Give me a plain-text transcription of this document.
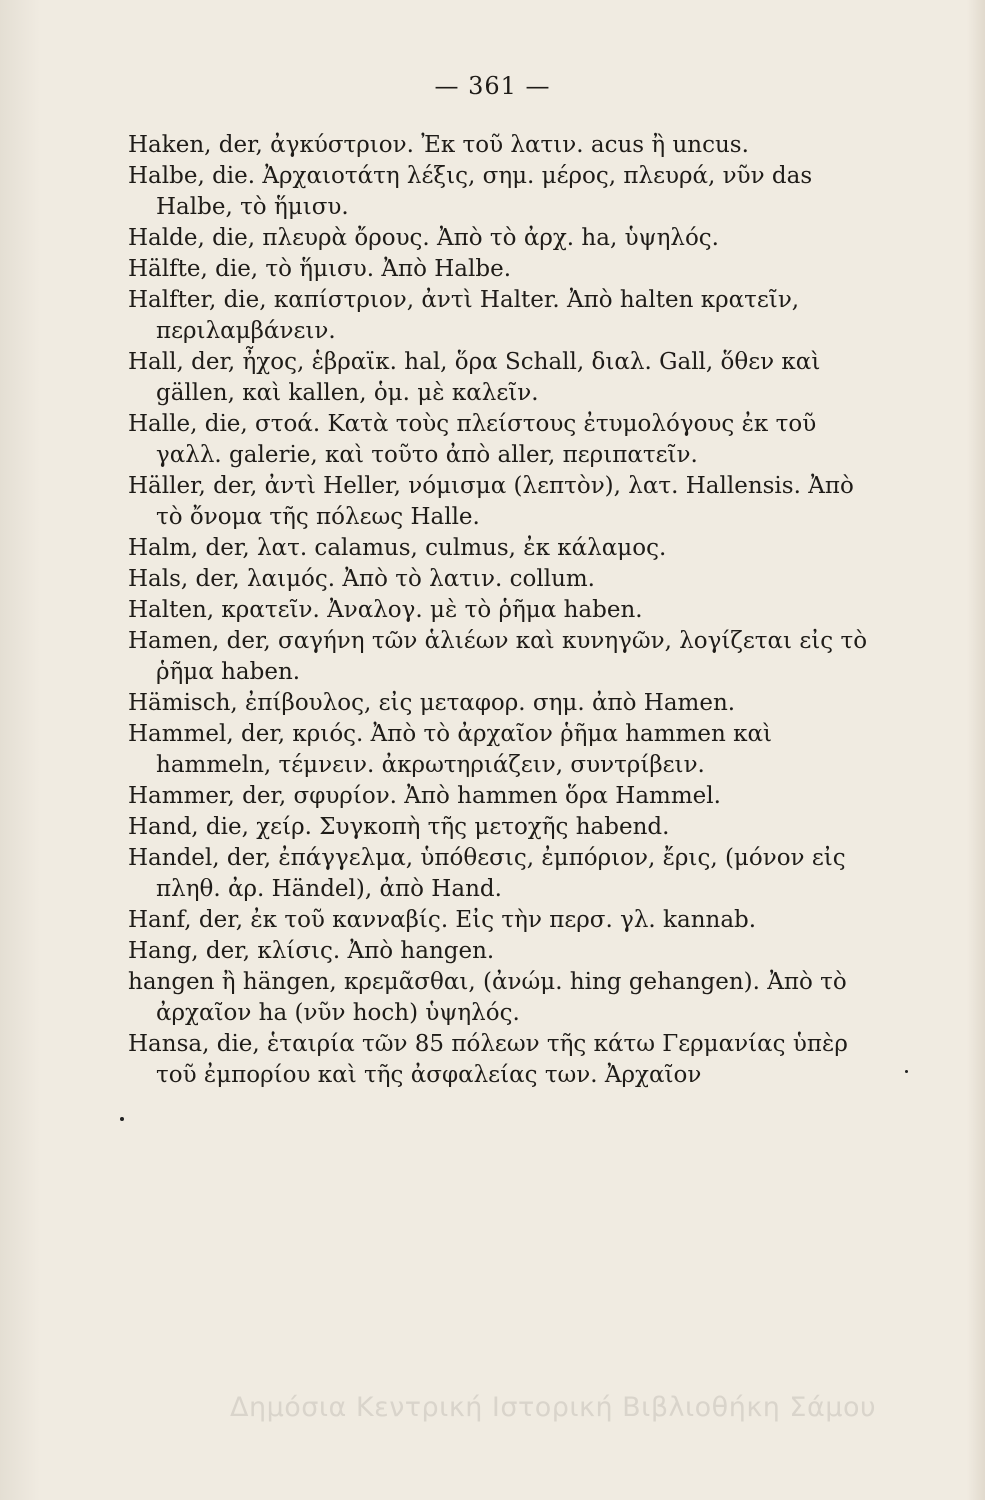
— 361 —

Haken, der, ἀγκύστριον. Ἐκ τοῦ λατιν. acus ἢ uncus.

Halbe, die. Ἀρχαιοτάτη λέξις, σημ. μέρος, πλευρά, νῦν das Halbe, τὸ ἥμισυ.

Halde, die, πλευρὰ ὄρους. Ἀπὸ τὸ ἀρχ. ha, ὑψηλός.

Hälfte, die, τὸ ἥμισυ. Ἀπὸ Halbe.

Halfter, die, καπίστριον, ἀντὶ Halter. Ἀπὸ halten κρατεῖν, περιλαμβάνειν.

Hall, der, ἦχος, ἑβραϊκ. hal, ὅρα Schall, διαλ. Gall, ὅθεν καὶ gällen, καὶ kallen, ὁμ. μὲ καλεῖν.

Halle, die, στοά. Κατὰ τοὺς πλείστους ἐτυμολόγους ἐκ τοῦ γαλλ. galerie, καὶ τοῦτο ἀπὸ aller, περιπατεῖν.

Häller, der, ἀντὶ Heller, νόμισμα (λεπτὸν), λατ. Hallensis. Ἀπὸ τὸ ὄνομα τῆς πόλεως Halle.

Halm, der, λατ. calamus, culmus, ἐκ κάλαμος.

Hals, der, λαιμός. Ἀπὸ τὸ λατιν. collum.

Halten, κρατεῖν. Ἀναλογ. μὲ τὸ ῥῆμα haben.

Hamen, der, σαγήνη τῶν ἁλιέων καὶ κυνηγῶν, λογίζεται εἰς τὸ ῥῆμα haben.

Hämisch, ἐπίβουλος, εἰς μεταφορ. σημ. ἀπὸ Hamen.

Hammel, der, κριός. Ἀπὸ τὸ ἀρχαῖον ῥῆμα hammen καὶ hammeln, τέμνειν. ἀκρωτηριάζειν, συντρίβειν.

Hammer, der, σφυρίον. Ἀπὸ hammen ὅρα Hammel.

Hand, die, χείρ. Συγκοπὴ τῆς μετοχῆς habend.

Handel, der, ἐπάγγελμα, ὑπόθεσις, ἐμπόριον, ἔρις, (μόνον εἰς πληθ. ἀρ. Händel), ἀπὸ Hand.

Hanf, der, ἐκ τοῦ κανναβίς. Εἰς τὴν περσ. γλ. kannab.

Hang, der, κλίσις. Ἀπὸ hangen.

hangen ἢ hängen, κρεμᾶσθαι, (ἀνώμ. hing gehangen). Ἀπὸ τὸ ἀρχαῖον ha (νῦν hoch) ὑψηλός.

Hansa, die, ἑταιρία τῶν 85 πόλεων τῆς κάτω Γερμανίας ὑπὲρ τοῦ ἐμπορίου καὶ τῆς ἀσφαλείας των. Ἀρχαῖον

Δημόσια Κεντρική Ιστορική Βιβλιοθήκη Σάμου
